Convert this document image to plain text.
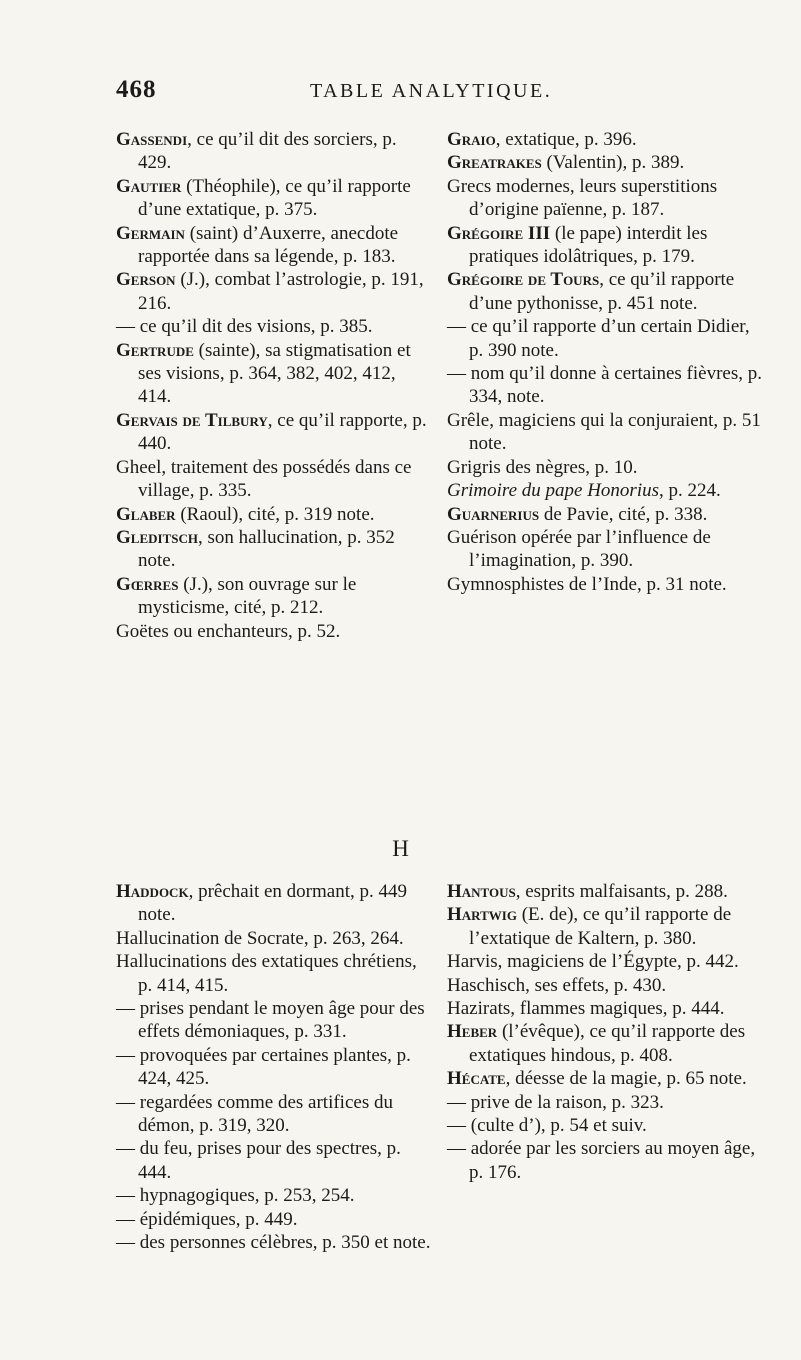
468	TABLE ANALYTIQUE.

Gassendi, ce qu’il dit des sorciers, p. 429.

Gautier (Théophile), ce qu’il rapporte d’une extatique, p. 375.

Germain (saint) d’Auxerre, anecdote rapportée dans sa légende, p. 183.

Gerson (J.), combat l’astrologie, p. 191, 216.

— ce qu’il dit des visions, p. 385.

Gertrude (sainte), sa stigmatisation et ses visions, p. 364, 382, 402, 412, 414.

Gervais de Tilbury, ce qu’il rapporte, p. 440.

Gheel, traitement des possédés dans ce village, p. 335.

Glaber (Raoul), cité, p. 319 note.

Gleditsch, son hallucination, p. 352 note.

Gœrres (J.), son ouvrage sur le mysticisme, cité, p. 212.

Goëtes ou enchanteurs, p. 52.

Graio, extatique, p. 396.

Greatrakes (Valentin), p. 389.

Grecs modernes, leurs superstitions d’origine païenne, p. 187.

Grégoire III (le pape) interdit les pratiques idolâtriques, p. 179.

Grégoire de Tours, ce qu’il rapporte d’une pythonisse, p. 451 note.

— ce qu’il rapporte d’un certain Didier, p. 390 note.

— nom qu’il donne à certaines fièvres, p. 334, note.

Grêle, magiciens qui la conjuraient, p. 51 note.

Grigris des nègres, p. 10.

Grimoire du pape Honorius, p. 224.

Guarnerius de Pavie, cité, p. 338.

Guérison opérée par l’influence de l’imagination, p. 390.

Gymnosphistes de l’Inde, p. 31 note.

H

Haddock, prêchait en dormant, p. 449 note.

Hallucination de Socrate, p. 263, 264.

Hallucinations des extatiques chrétiens, p. 414, 415.

— prises pendant le moyen âge pour des effets démoniaques, p. 331.

— provoquées par certaines plantes, p. 424, 425.

— regardées comme des artifices du démon, p. 319, 320.

— du feu, prises pour des spectres, p. 444.

— hypnagogiques, p. 253, 254.

— épidémiques, p. 449.

— des personnes célèbres, p. 350 et note.

Hantous, esprits malfaisants, p. 288.

Hartwig (E. de), ce qu’il rapporte de l’extatique de Kaltern, p. 380.

Harvis, magiciens de l’Égypte, p. 442.

Haschisch, ses effets, p. 430.

Hazirats, flammes magiques, p. 444.

Heber (l’évêque), ce qu’il rapporte des extatiques hindous, p. 408.

Hécate, déesse de la magie, p. 65 note.

— prive de la raison, p. 323.

— (culte d’), p. 54 et suiv.

— adorée par les sorciers au moyen âge, p. 176.
